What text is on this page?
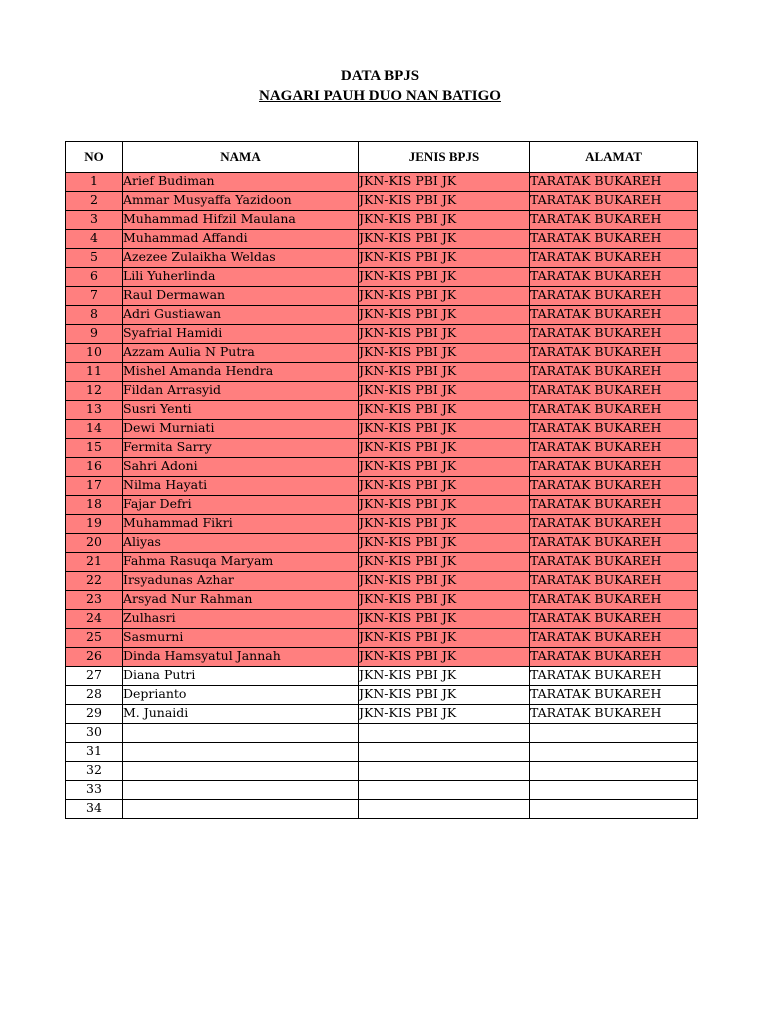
DATA BPJS
NAGARI PAUH DUO NAN BATIGO
NO	NAMA	JENIS BPJS	ALAMAT
1	Arief Budiman	JKN-KIS PBI JK	TARATAK BUKAREH
2	Ammar Musyaffa Yazidoon	JKN-KIS PBI JK	TARATAK BUKAREH
3	Muhammad Hifzil Maulana	JKN-KIS PBI JK	TARATAK BUKAREH
4	Muhammad Affandi	JKN-KIS PBI JK	TARATAK BUKAREH
5	Azezee Zulaikha Weldas	JKN-KIS PBI JK	TARATAK BUKAREH
6	Lili Yuherlinda	JKN-KIS PBI JK	TARATAK BUKAREH
7	Raul Dermawan	JKN-KIS PBI JK	TARATAK BUKAREH
8	Adri Gustiawan	JKN-KIS PBI JK	TARATAK BUKAREH
9	Syafrial Hamidi	JKN-KIS PBI JK	TARATAK BUKAREH
10	Azzam Aulia N Putra	JKN-KIS PBI JK	TARATAK BUKAREH
11	Mishel Amanda Hendra	JKN-KIS PBI JK	TARATAK BUKAREH
12	Fildan Arrasyid	JKN-KIS PBI JK	TARATAK BUKAREH
13	Susri Yenti	JKN-KIS PBI JK	TARATAK BUKAREH
14	Dewi Murniati	JKN-KIS PBI JK	TARATAK BUKAREH
15	Fermita Sarry	JKN-KIS PBI JK	TARATAK BUKAREH
16	Sahri Adoni	JKN-KIS PBI JK	TARATAK BUKAREH
17	Nilma Hayati	JKN-KIS PBI JK	TARATAK BUKAREH
18	Fajar Defri	JKN-KIS PBI JK	TARATAK BUKAREH
19	Muhammad Fikri	JKN-KIS PBI JK	TARATAK BUKAREH
20	Aliyas	JKN-KIS PBI JK	TARATAK BUKAREH
21	Fahma Rasuqa Maryam	JKN-KIS PBI JK	TARATAK BUKAREH
22	Irsyadunas Azhar	JKN-KIS PBI JK	TARATAK BUKAREH
23	Arsyad Nur Rahman	JKN-KIS PBI JK	TARATAK BUKAREH
24	Zulhasri	JKN-KIS PBI JK	TARATAK BUKAREH
25	Sasmurni	JKN-KIS PBI JK	TARATAK BUKAREH
26	Dinda Hamsyatul Jannah	JKN-KIS PBI JK	TARATAK BUKAREH
27	Diana Putri	JKN-KIS PBI JK	TARATAK BUKAREH
28	Deprianto	JKN-KIS PBI JK	TARATAK BUKAREH
29	M. Junaidi	JKN-KIS PBI JK	TARATAK BUKAREH
30			
31			
32			
33			
34			
